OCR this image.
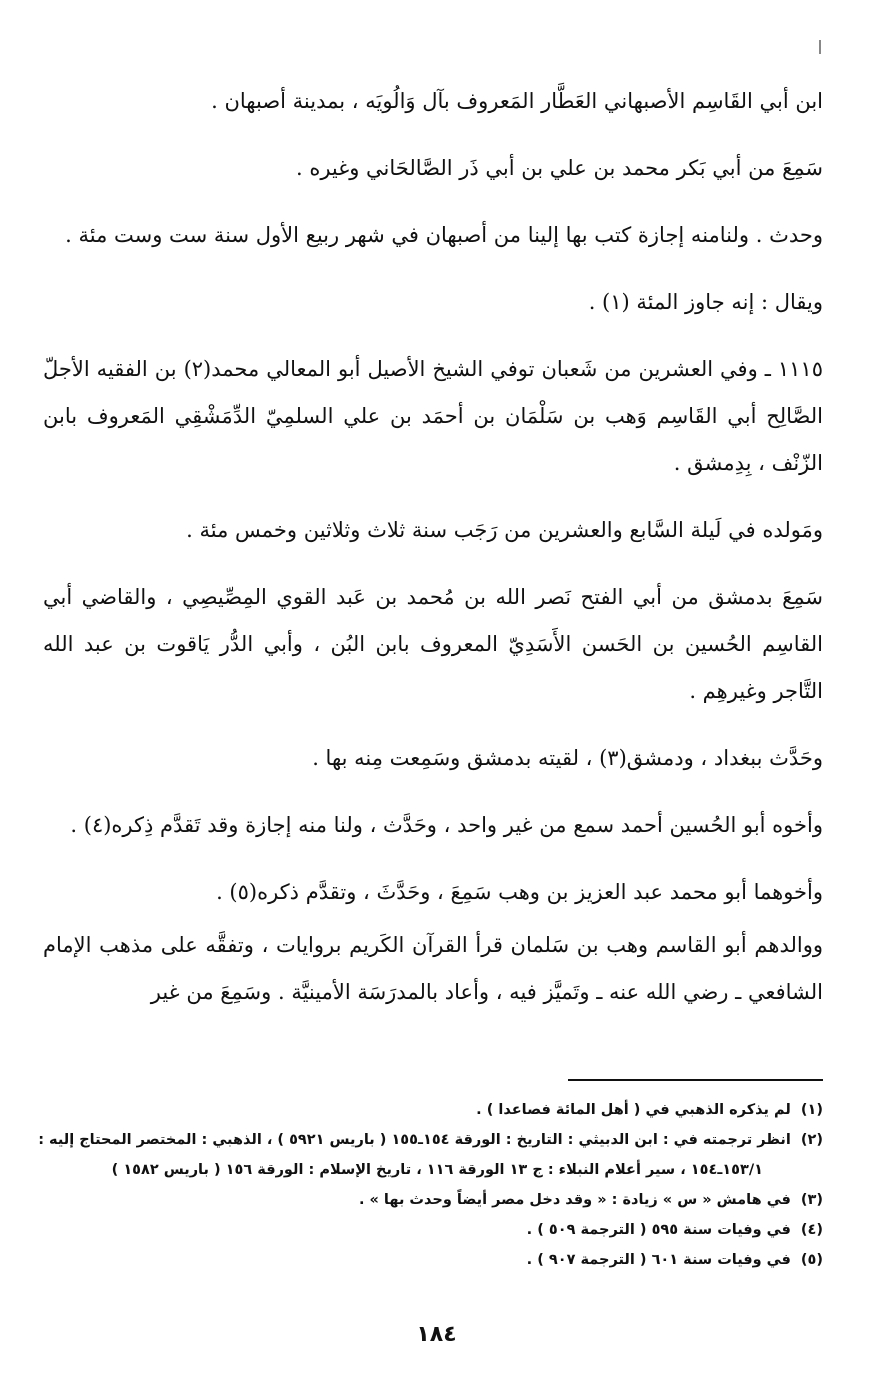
ابن أبي القَاسِم الأصبهاني العَطَّار المَعروف بآل وَالُويَه ، بمدينة أصبهان .

سَمِعَ من أبي بَكر محمد بن علي بن أبي ذَر الصَّالحَاني وغيره .

وحدث . ولنامنه إجازة كتب بها إلينا من أصبهان في شهر ربيع الأول سنة ست وست مئة .

ويقال : إنه جاوز المئة (١) .

١١١٥ ـ وفي العشرين من شَعبان توفي الشيخ الأصيل أبو المعالي محمد(٢) بن الفقيه الأجلّ الصَّالِح أبي القَاسِم وَهب بن سَلْمَان بن أحمَد بن علي السلمِيّ الدِّمَشْقِي المَعروف بابن الزّنْف ، بِدِمشق .

ومَولده في لَيلة السَّابع والعشرين من رَجَب سنة ثلاث وثلاثين وخمس مئة .

سَمِعَ بدمشق من أبي الفتح نَصر الله بن مُحمد بن عَبد القوي المِصِّيصِي ، والقاضي أبي القاسِم الحُسين بن الحَسن الأَسَدِيّ المعروف بابن البُن ، وأبي الدُّر يَاقوت بن عبد الله التَّاجر وغيرهِم .

وحَدَّث ببغداد ، ودمشق(٣) ، لقيته بدمشق وسَمِعت مِنه بها .

وأخوه أبو الحُسين أحمد سمع من غير واحد ، وحَدَّث ، ولنا منه إجازة وقد تَقدَّم ذِكره(٤) .

وأخوهما أبو محمد عبد العزيز بن وهب سَمِعَ ، وحَدَّثَ ، وتقدَّم ذكره(٥) .

ووالدهم أبو القاسم وهب بن سَلمان قرأ القرآن الكَريم بروايات ، وتفقَّه على مذهب الإمام الشافعي ـ رضي الله عنه ـ وتَميَّز فيه ، وأعاد بالمدرَسَة الأمينيَّة . وسَمِعَ من غير

(١)لم يذكره الذهبي في ( أهل المائة فصاعدا ) .

(٢)انظر ترجمته في : ابن الدبيثي : التاريخ : الورقة ١٥٤ـ١٥٥ ( باريس ٥٩٢١ ) ، الذهبي : المختصر المحتاج إليه :

١٥٣/١ـ١٥٤ ، سير أعلام النبلاء : ج ١٣ الورقة ١١٦ ، تاريخ الإسلام : الورقة ١٥٦ ( باريس ١٥٨٢ )

(٣)في هامش « س » زيادة : « وقد دخل مصر أيضاً وحدث بها » .

(٤)في وفيات سنة ٥٩٥ ( الترجمة ٥٠٩ ) .

(٥)في وفيات سنة ٦٠١ ( الترجمة ٩٠٧ ) .

١٨٤
